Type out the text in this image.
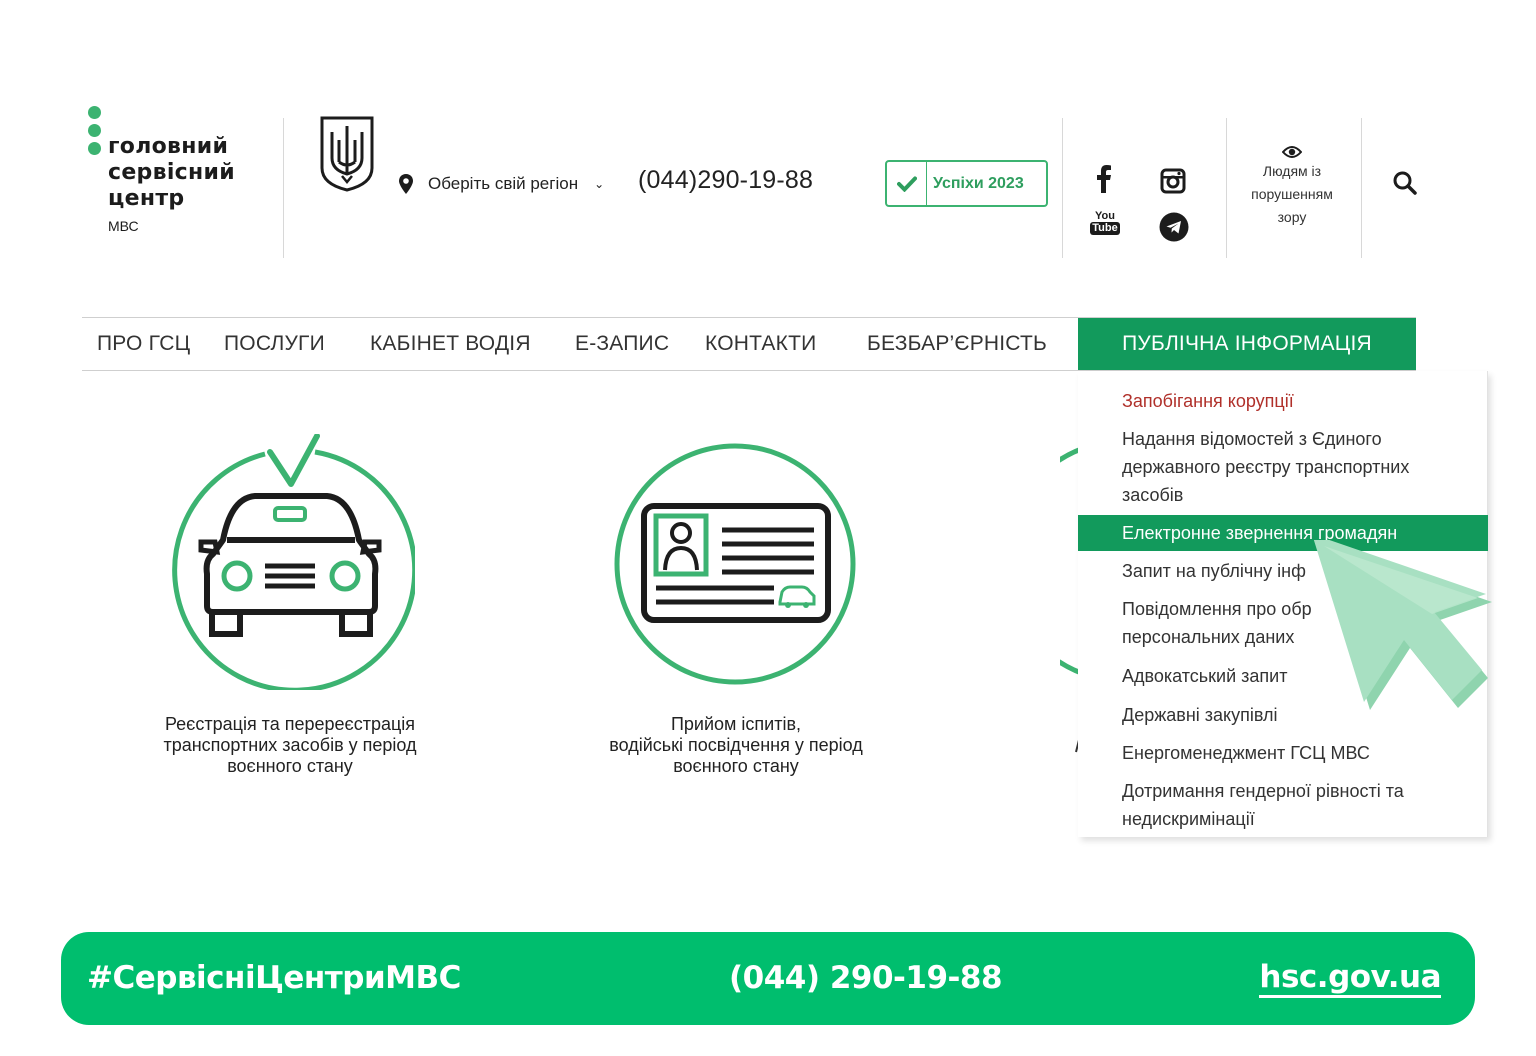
головний
сервісний
центр
МВС
Оберіть свій регіон ⌄ (044)290-19-88	Успіхи 2023
You
Tube
Людям із
порушенням
зору
ПРО ГСЦ ПОСЛУГИ КАБІНЕТ ВОДІЯ Е-ЗАПИС КОНТАКТИ БЕЗБАР’ЄРНІСТЬ	ПУБЛІЧНА ІНФОРМАЦІЯ
Реєстрація та перереєстрація
транспортних засобів у період
воєнного стану
Прийом іспитів,
водійські посвідчення у період
воєнного стану
Запобігання корупції
Надання відомостей з Єдиного державного реєстру транспортних засобів
Електронне звернення громадян
Запит на публічну інф
Повідомлення про обр персональних даних
Адвокатський запит
Державні закупівлі
Енергоменеджмент ГСЦ МВС
Дотримання гендерної рівності та недискримінації
#СервісніЦентриМВС	(044) 290-19-88	hsc.gov.ua
